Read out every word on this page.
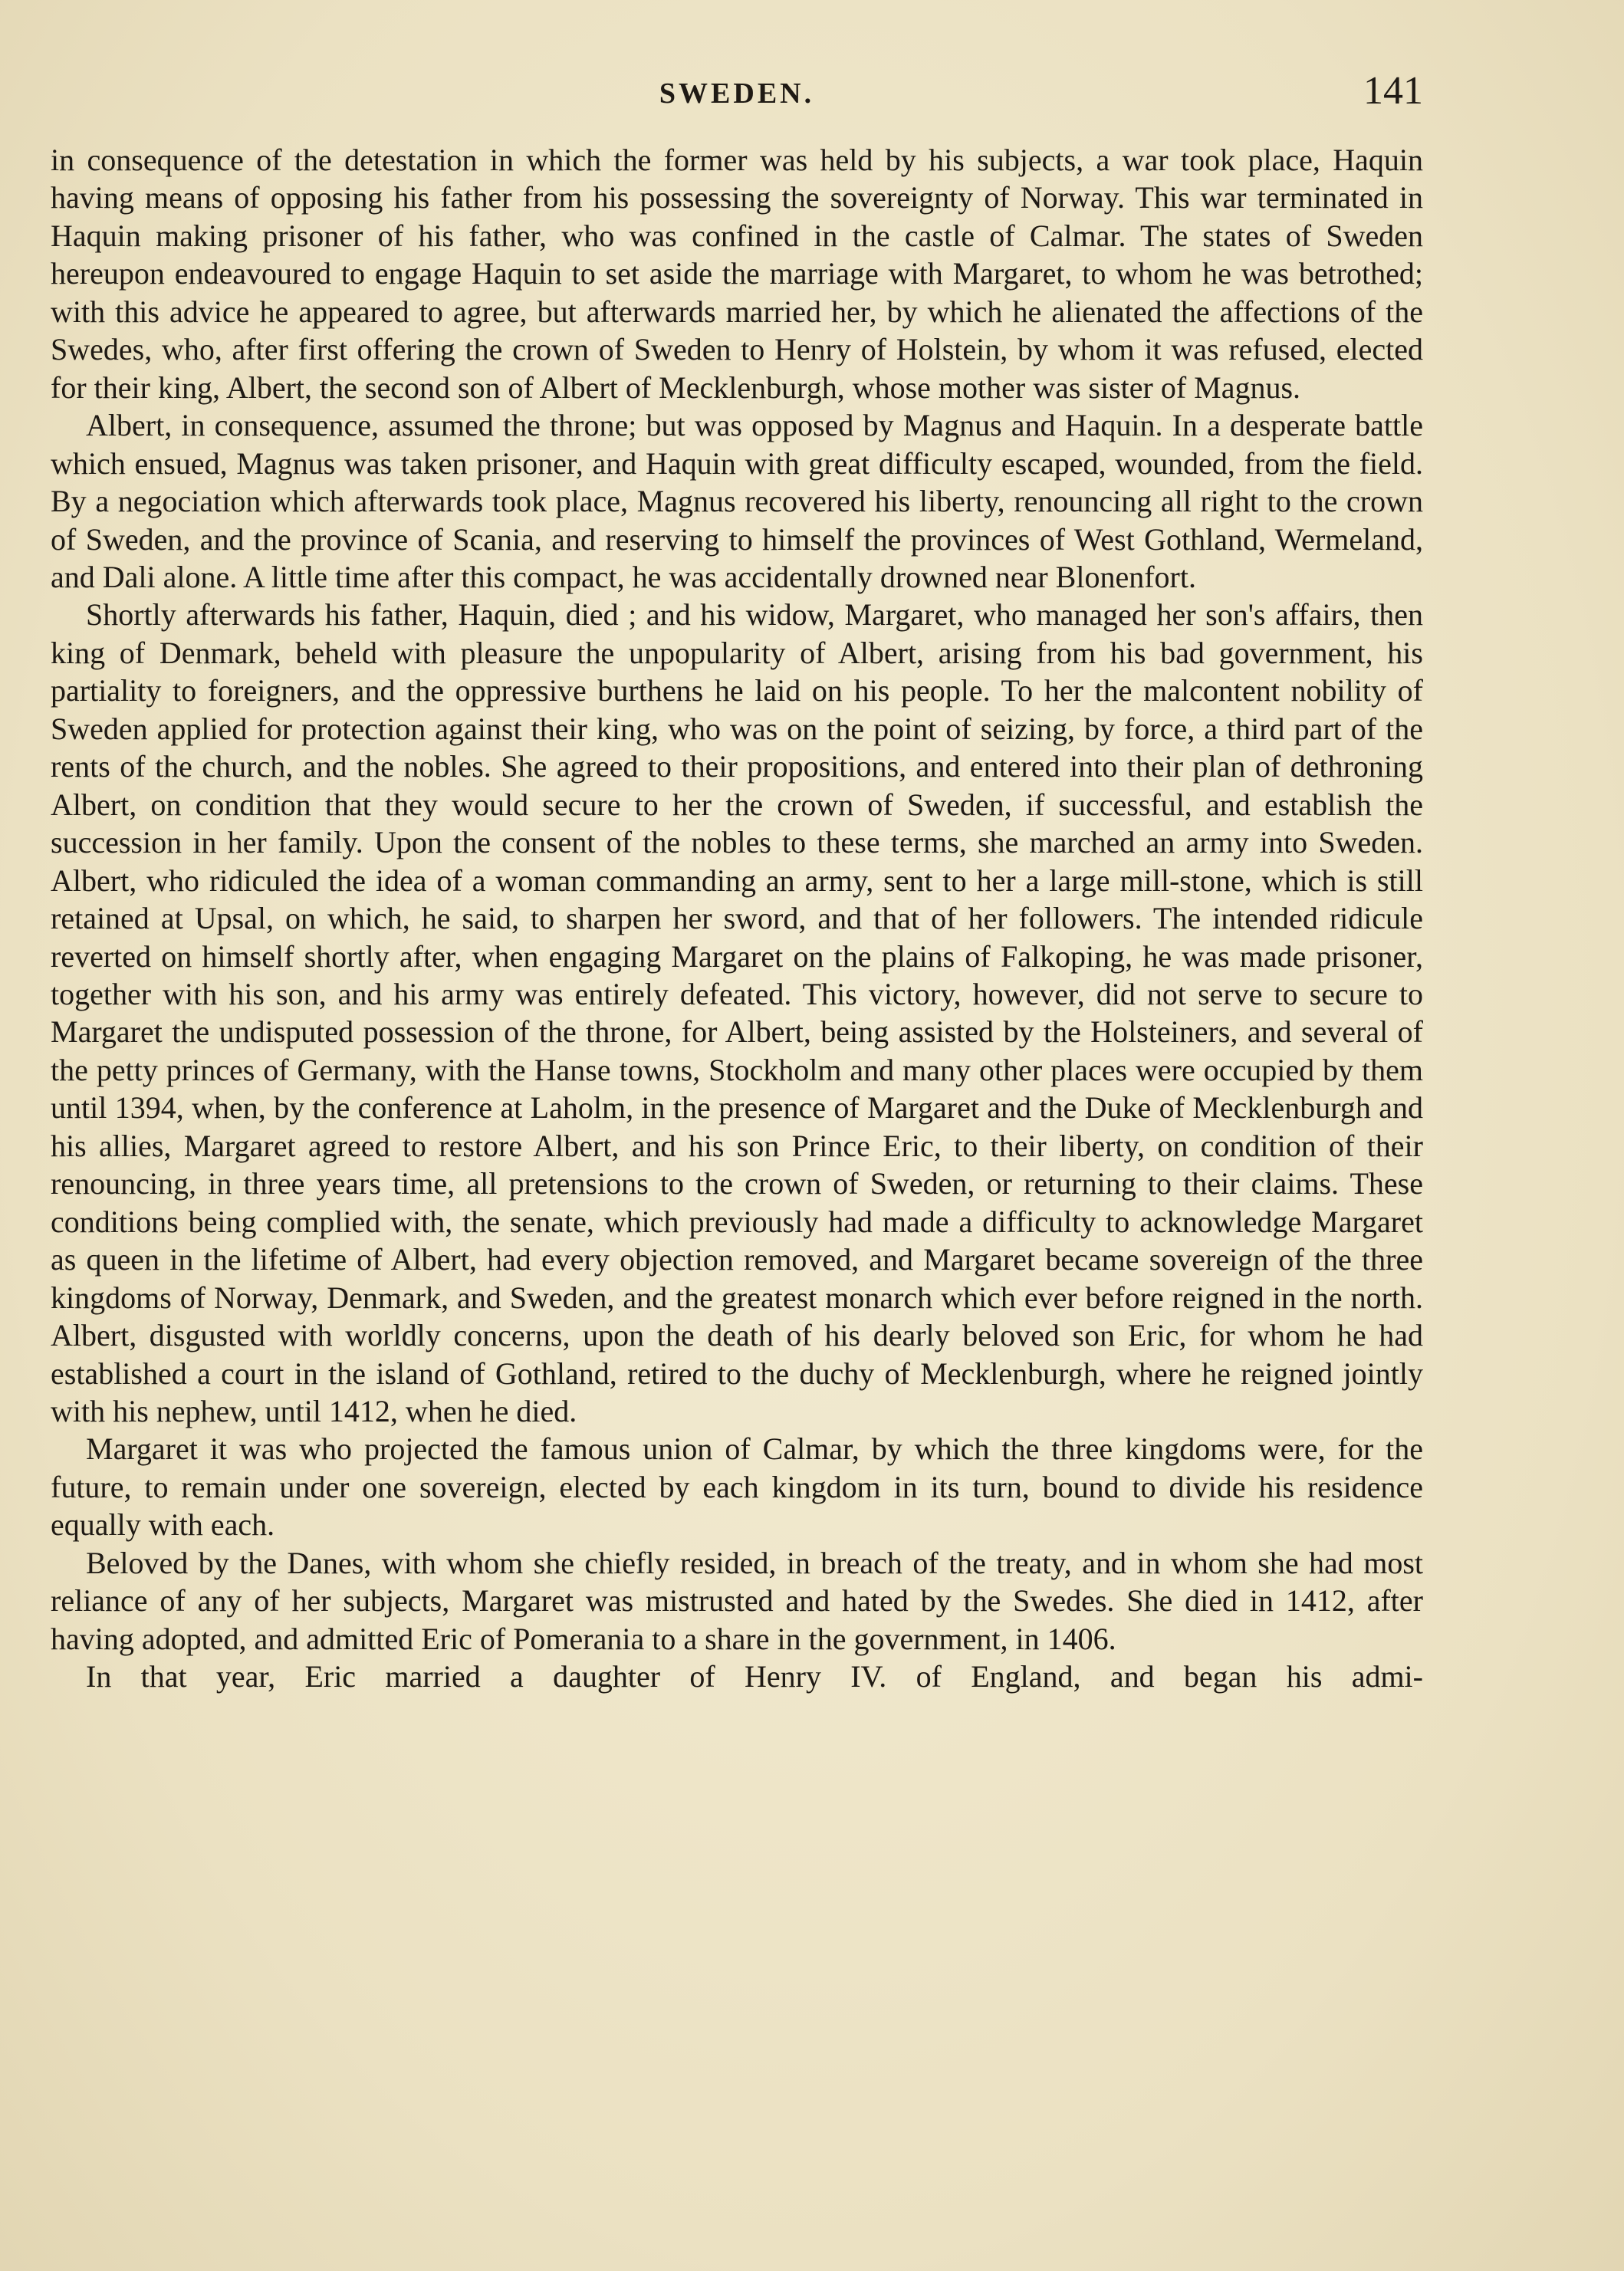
SWEDEN.	141

in consequence of the detestation in which the former was held by his subjects, a war took place, Haquin having means of opposing his father from his possessing the sovereignty of Norway. This war terminated in Haquin making prisoner of his father, who was confined in the castle of Calmar. The states of Sweden hereupon endeavoured to engage Haquin to set aside the marriage with Margaret, to whom he was betrothed; with this advice he appeared to agree, but afterwards married her, by which he alienated the affections of the Swedes, who, after first offering the crown of Sweden to Henry of Holstein, by whom it was refused, elected for their king, Albert, the second son of Albert of Mecklenburgh, whose mother was sister of Magnus.

Albert, in consequence, assumed the throne; but was opposed by Magnus and Haquin. In a desperate battle which ensued, Magnus was taken prisoner, and Haquin with great difficulty escaped, wounded, from the field. By a negociation which afterwards took place, Magnus recovered his liberty, renouncing all right to the crown of Sweden, and the province of Scania, and reserving to himself the provinces of West Gothland, Wermeland, and Dali alone. A little time after this compact, he was accidentally drowned near Blonenfort.

Shortly afterwards his father, Haquin, died ; and his widow, Margaret, who managed her son's affairs, then king of Denmark, beheld with pleasure the unpopularity of Albert, arising from his bad government, his partiality to foreigners, and the oppressive burthens he laid on his people. To her the malcontent nobility of Sweden applied for protection against their king, who was on the point of seizing, by force, a third part of the rents of the church, and the nobles. She agreed to their propositions, and entered into their plan of dethroning Albert, on condition that they would secure to her the crown of Sweden, if successful, and establish the succession in her family. Upon the consent of the nobles to these terms, she marched an army into Sweden. Albert, who ridiculed the idea of a woman commanding an army, sent to her a large mill-stone, which is still retained at Upsal, on which, he said, to sharpen her sword, and that of her followers. The intended ridicule reverted on himself shortly after, when engaging Margaret on the plains of Falkoping, he was made prisoner, together with his son, and his army was entirely defeated. This victory, however, did not serve to secure to Margaret the undisputed possession of the throne, for Albert, being assisted by the Holsteiners, and several of the petty princes of Germany, with the Hanse towns, Stockholm and many other places were occupied by them until 1394, when, by the conference at Laholm, in the presence of Margaret and the Duke of Mecklenburgh and his allies, Margaret agreed to restore Albert, and his son Prince Eric, to their liberty, on condition of their renouncing, in three years time, all pretensions to the crown of Sweden, or returning to their claims. These conditions being complied with, the senate, which previously had made a difficulty to acknowledge Margaret as queen in the lifetime of Albert, had every objection removed, and Margaret became sovereign of the three kingdoms of Norway, Denmark, and Sweden, and the greatest monarch which ever before reigned in the north. Albert, disgusted with worldly concerns, upon the death of his dearly beloved son Eric, for whom he had established a court in the island of Gothland, retired to the duchy of Mecklenburgh, where he reigned jointly with his nephew, until 1412, when he died.

Margaret it was who projected the famous union of Calmar, by which the three kingdoms were, for the future, to remain under one sovereign, elected by each kingdom in its turn, bound to divide his residence equally with each.

Beloved by the Danes, with whom she chiefly resided, in breach of the treaty, and in whom she had most reliance of any of her subjects, Margaret was mistrusted and hated by the Swedes. She died in 1412, after having adopted, and admitted Eric of Pomerania to a share in the government, in 1406.

In that year, Eric married a daughter of Henry IV. of England, and began his admi-
